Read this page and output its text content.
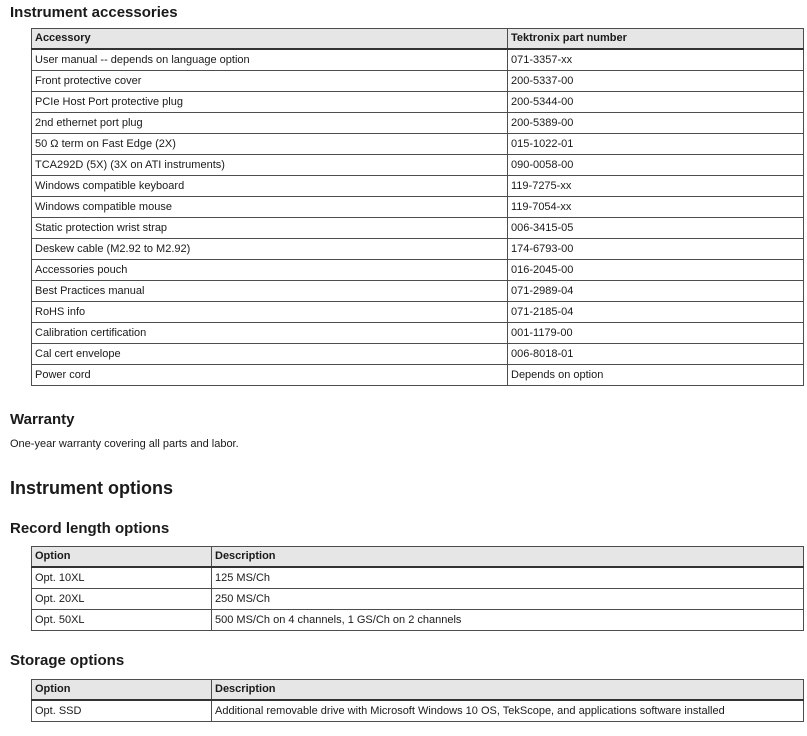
Instrument accessories
Accessory	Tektronix part number
User manual -- depends on language option	071-3357-xx
Front protective cover	200-5337-00
PCIe Host Port protective plug	200-5344-00
2nd ethernet port plug	200-5389-00
50 Ω term on Fast Edge (2X)	015-1022-01
TCA292D (5X) (3X on ATI instruments)	090-0058-00
Windows compatible keyboard	119-7275-xx
Windows compatible mouse	119-7054-xx
Static protection wrist strap	006-3415-05
Deskew cable (M2.92 to M2.92)	174-6793-00
Accessories pouch	016-2045-00
Best Practices manual	071-2989-04
RoHS info	071-2185-04
Calibration certification	001-1179-00
Cal cert envelope	006-8018-01
Power cord	Depends on option
Warranty

One-year warranty covering all parts and labor.

Instrument options
Record length options
Option	Description
Opt. 10XL	125 MS/Ch
Opt. 20XL	250 MS/Ch
Opt. 50XL	500 MS/Ch on 4 channels, 1 GS/Ch on 2 channels
Storage options
Option	Description
Opt. SSD	Additional removable drive with Microsoft Windows 10 OS, TekScope, and applications software installed
